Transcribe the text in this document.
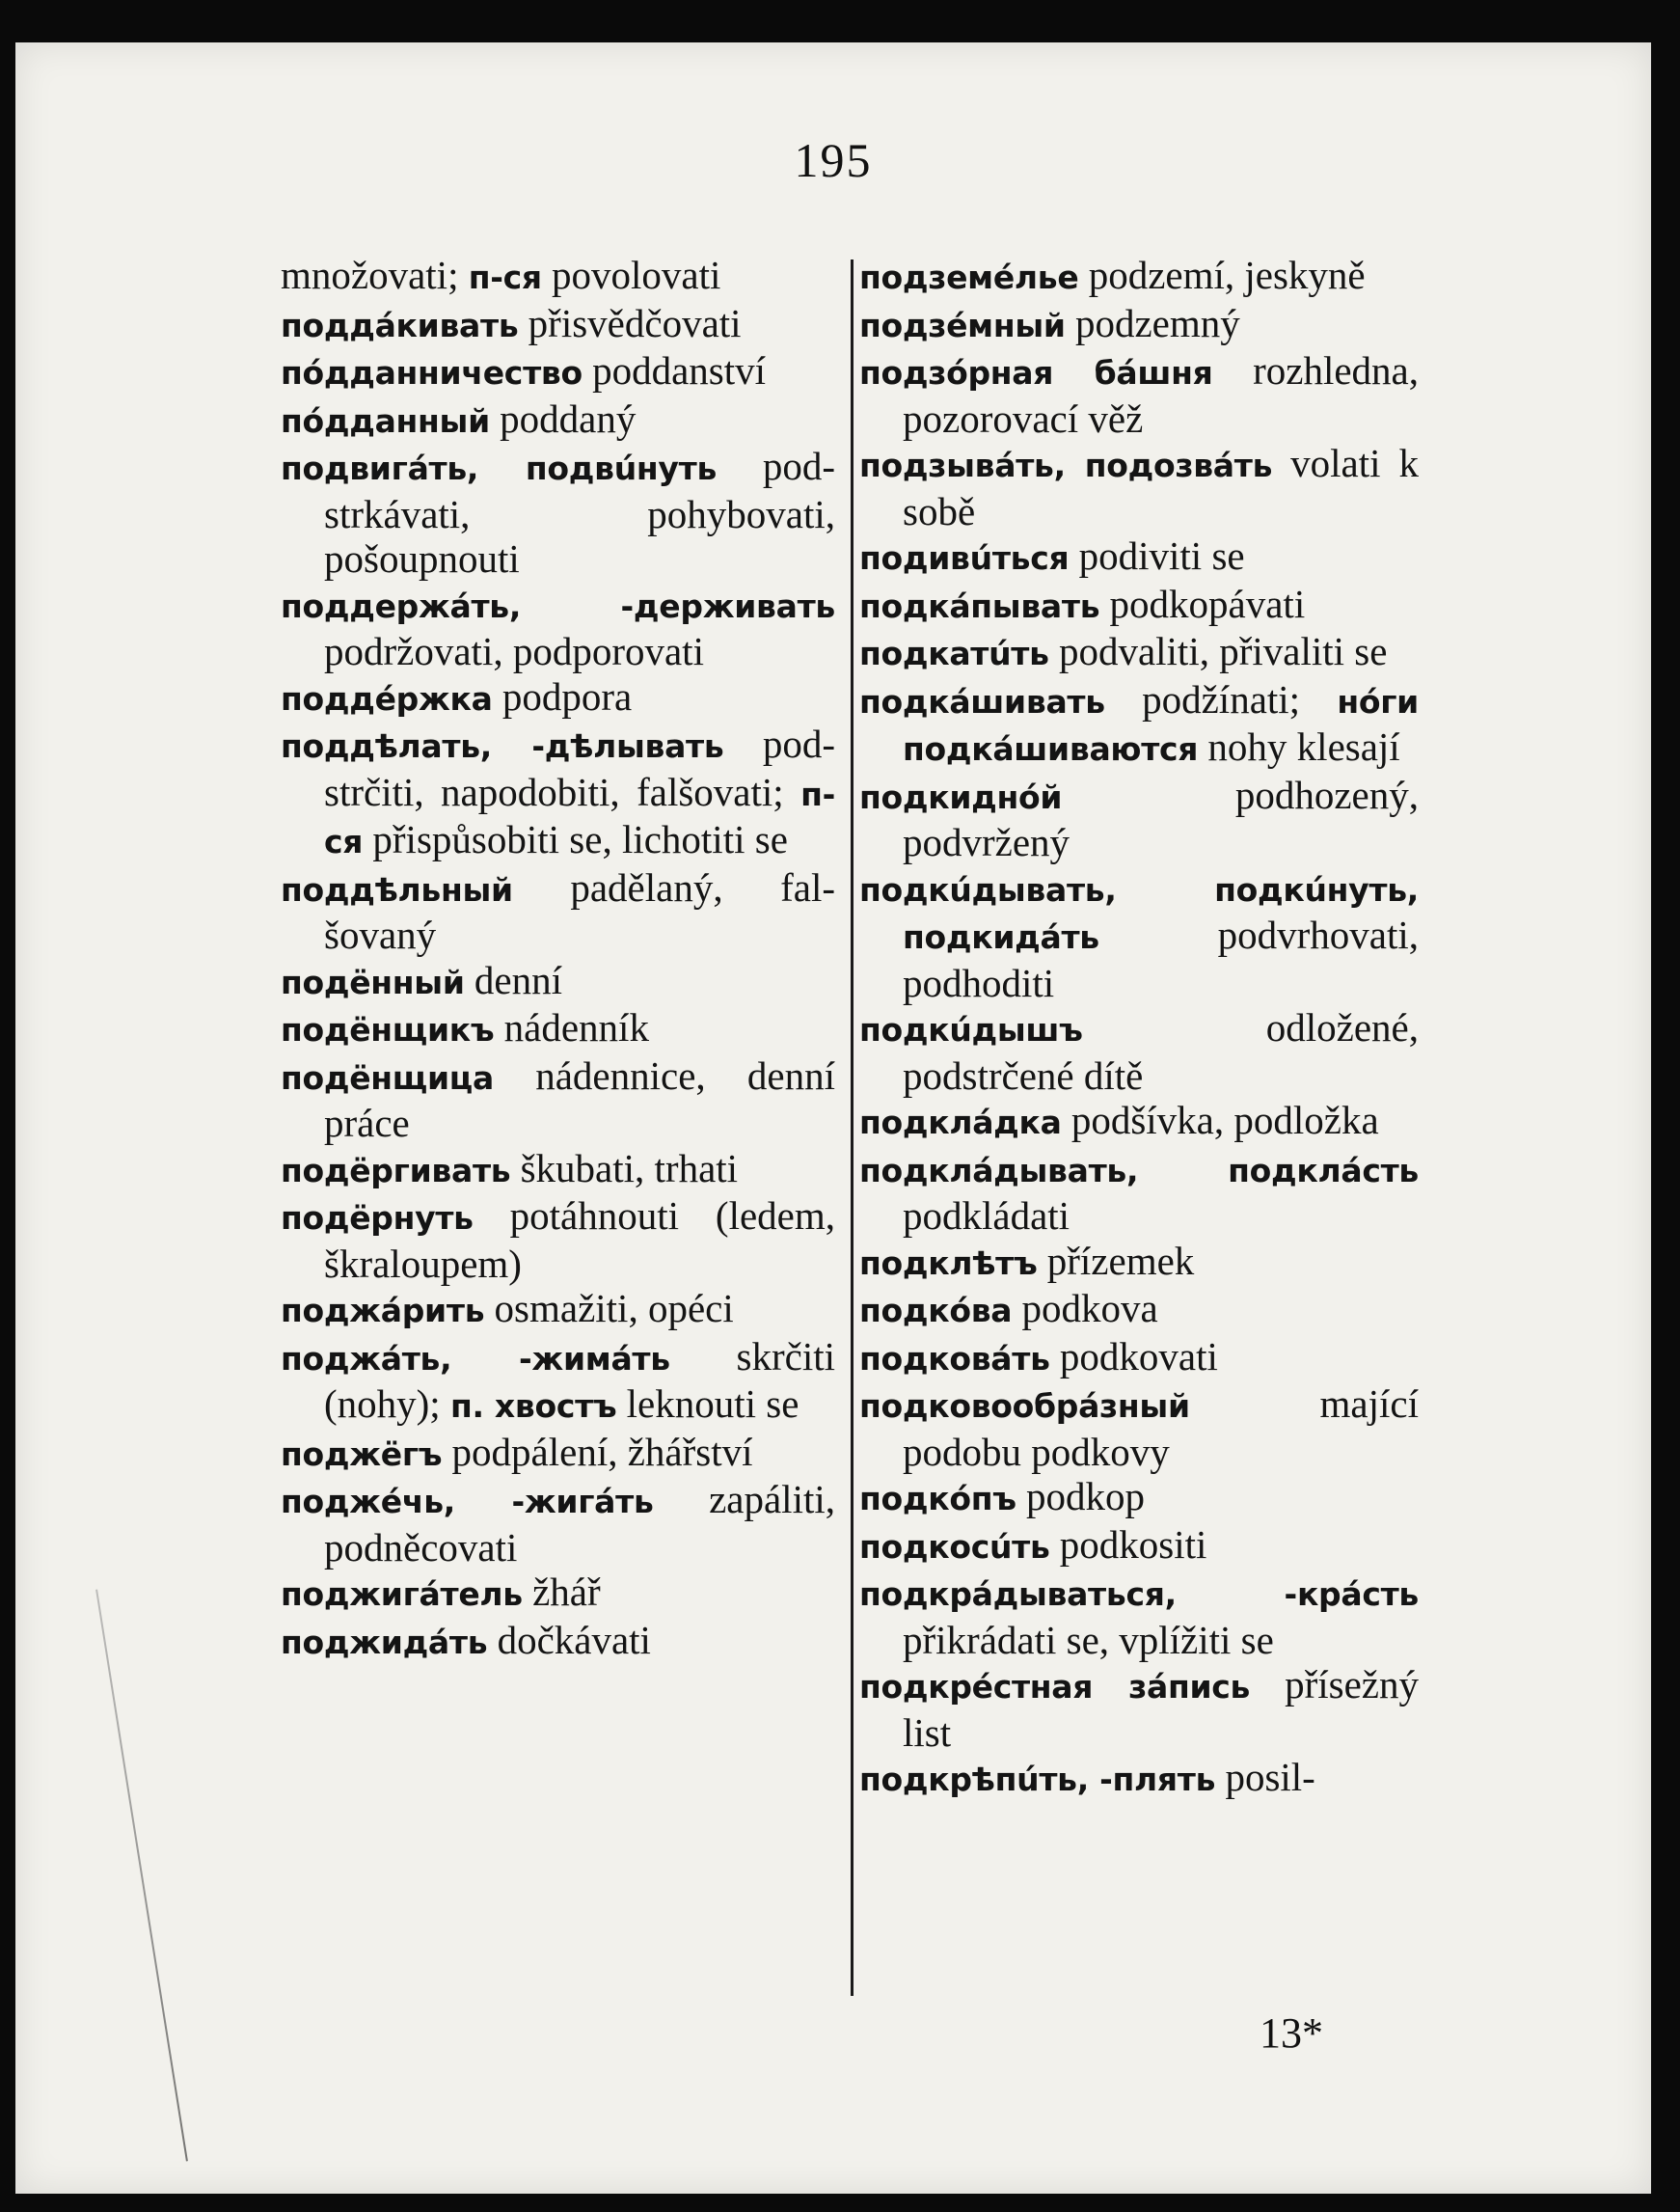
195

množovati; п-ся povolovati

поддáкивать přisvědčovati

пóдданничество poddanství

пóдданный poddaný

подвигáть, подвúнуть podstrkávati, pohybovati, pošoupnouti

поддержáть, -держивать podržovati, podporovati

поддéржка podpora

поддѣлать, -дѣлывать podstrčiti, napodobiti, falšovati; п-ся přispůsobiti se, lichotiti se

поддѣльный padělaný, falšovaný

подённый denní

подёнщикъ nádenník

подёнщица nádennice, denní práce

подёргивать škubati, trhati

подёрнуть potáhnouti (ledem, škraloupem)

поджáрить osmažiti, opéci

поджáть, -жимáть skrčiti (nohy); п. хвостъ leknouti se

поджёгъ podpálení, žhářství

поджéчь, -жигáть zapáliti, podněcovati

поджигáтель žhář

поджидáть dočkávati

подземéлье podzemí, jeskyně

подзéмный podzemný

подзóрная бáшня rozhledna, pozorovací věž

подзывáть, подозвáть volati k sobě

подивúться podiviti se

подкáпывать podkopávati

подкатúть podvaliti, přivaliti se

подкáшивать podžínati; нóги подкáшиваются nohy klesají

подкиднóй podhozený, podvržený

подкúдывать, подкúнуть, подкидáть podvrhovati, podhoditi

подкúдышъ odložené, podstrčené dítě

подклáдка podšívka, podložka

подклáдывать, подклáсть podkládati

подклѣтъ přízemek

подкóва podkova

подковáть podkovati

подковообрáзный mající podobu podkovy

подкóпъ podkop

подкосúть podkositi

подкрáдываться, -крáсть přikrádati se, vplížiti se

подкрéстная зáпись přísežný list

подкрѣпúть, -плять posil-

13*
